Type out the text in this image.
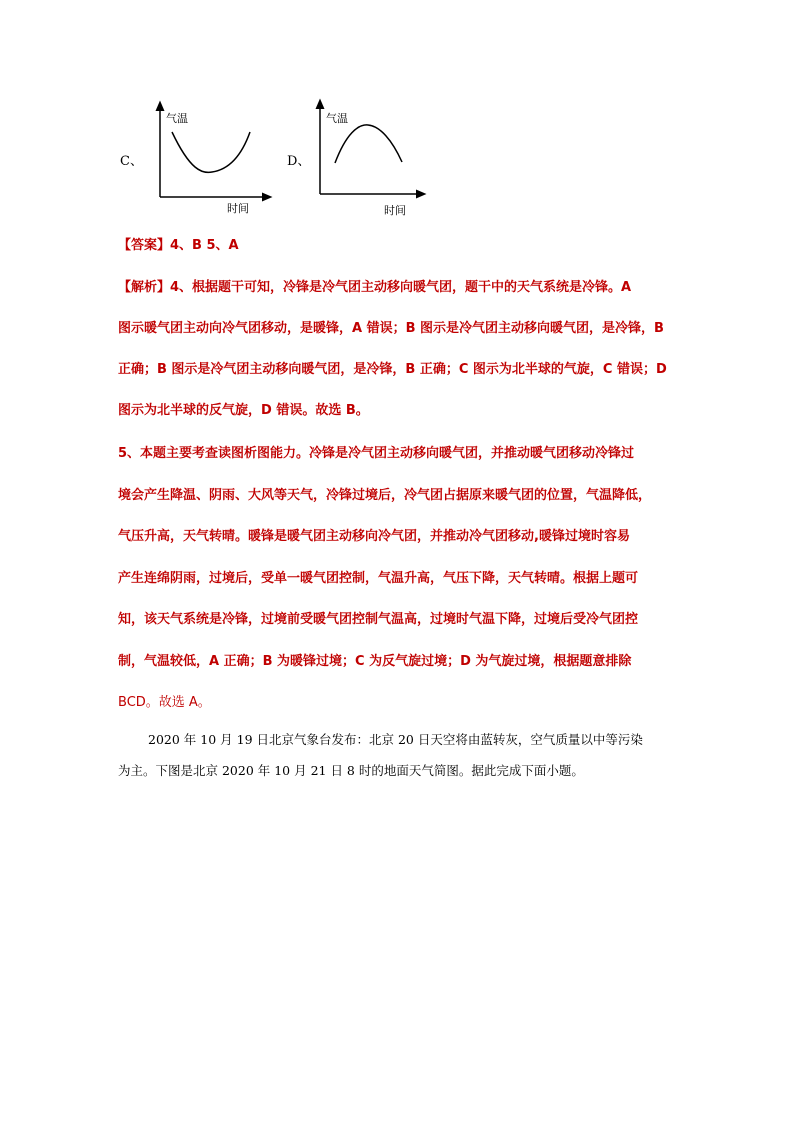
C、
气温
时间
D、
气温
时间
【答案】4、B 5、A
【解析】4、根据题干可知，冷锋是冷气团主动移向暖气团，题干中的天气系统是冷锋。A
图示暖气团主动向冷气团移动，是暖锋，A 错误；B 图示是冷气团主动移向暖气团，是冷锋，B
正确；B 图示是冷气团主动移向暖气团，是冷锋，B 正确；C 图示为北半球的气旋，C 错误；D
图示为北半球的反气旋，D 错误。故选 B。
5、本题主要考查读图析图能力。冷锋是冷气团主动移向暖气团，并推动暖气团移动冷锋过
境会产生降温、阴雨、大风等天气，冷锋过境后，冷气团占据原来暖气团的位置，气温降低，
气压升高，天气转晴。暖锋是暖气团主动移向冷气团，并推动冷气团移动,暖锋过境时容易
产生连绵阴雨，过境后，受单一暖气团控制，气温升高，气压下降，天气转晴。根据上题可
知，该天气系统是冷锋，过境前受暖气团控制气温高，过境时气温下降，过境后受冷气团控
制，气温较低，A 正确；B 为暖锋过境；C 为反气旋过境；D 为气旋过境，根据题意排除
BCD。故选 A。
2020 年 10 月 19 日北京气象台发布：北京 20 日天空将由蓝转灰，空气质量以中等污染
为主。下图是北京 2020 年 10 月 21 日 8 时的地面天气简图。据此完成下面小题。
